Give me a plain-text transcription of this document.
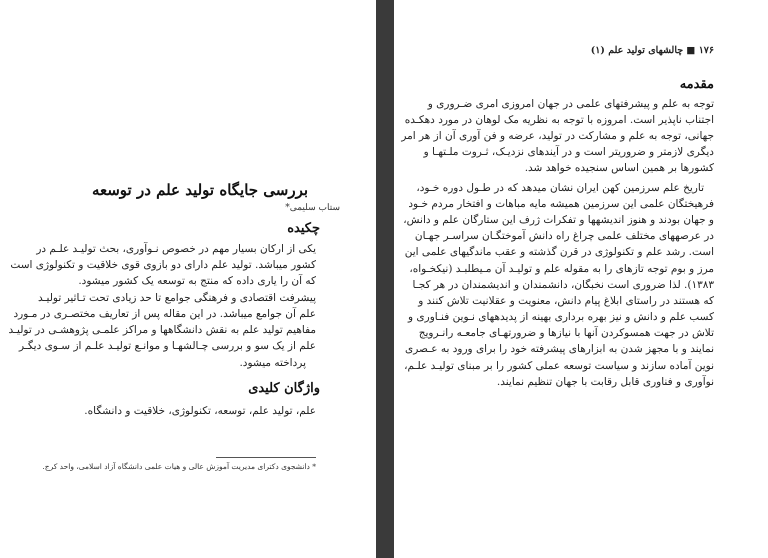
بررسی جایگاه تولید علم در توسعه
ستاب سلیمی*
چکیده
یکی از ارکان بسیار مهم در خصوص نـوآوری، بحث تولیـد علـم در
کشور میباشد. تولید علم دارای دو بازوی قوی خلاقیت و تکنولوژی است
که آن را یاری داده که منتج به توسعه یک کشور میشود.
پیشرفت اقتصادی و فرهنگی جوامع تا حد زیادی تحت تـاثیر تولیـد
علم آن جوامع میباشد. در این مقاله پس از تعاریف مختصـری در مـورد
مفاهیم تولید علم به نقش دانشگاهها و مراکز علمـی پژوهشـی در تولیـد
علم از یک سو و بررسی چـالشهـا و موانـع تولیـد علـم از سـوی دیگـر
پرداخته میشود.
واژگان کلیدی
علم، تولید علم، توسعه، تکنولوژی، خلاقیت و دانشگاه.
* دانشجوی دکترای مدیریت آموزش عالی و هیات علمی دانشگاه آزاد اسلامی، واحد کرج.
۱۷۶ ■ چالشهای تولید علم (۱)
مقدمه
توجه به علم و پیشرفتهای علمی در جهان امروزی امری ضـروری و
اجتناب ناپذیر است. امروزه با توجه به نظریه مک لوهان در مورد دهکـده
جهانی، توجه به علم و مشارکت در تولید، عرضه و فن آوری آن از هر امر
دیگری لازمتر و ضروریتر است و در آیندهای نزدیـک، ثـروت ملـتهـا و
کشورها بر همین اساس سنجیده خواهد شد.
تاریخ علم سرزمین کهن ایران نشان میدهد که در طـول دوره خـود،
فرهیختگان علمی این سرزمین همیشه مایه مباهات و افتخار مردم خـود
و جهان بودند و هنوز اندیشهها و تفکرات ژرف این ستارگان علم و دانش،
در عرصههای مختلف علمی چراغ راه دانش آموختگـان سراسـر جهـان
است. رشد علم و تکنولوژی در قرن گذشته و عقب ماندگیهای علمی این
مرز و بوم توجه تازهای را به مقوله علم و تولیـد آن مـیطلبـد (نیکخـواه،
۱۳۸۳). لذا ضروری است نخبگان، دانشمندان و اندیشمندان در هر کجـا
که هستند در راستای ابلاغ پیام دانش، معنویت و عقلانیت تلاش کنند و
کسب علم و دانش و نیز بهره برداری بهینه از پدیدههای نـوین فنـاوری و
تلاش در جهت همسوکردن آنها با نیازها و ضرورتهـای جامعـه رانـرویج
نمایند و با مجهز شدن به ابزارهای پیشرفته خود را برای ورود به عـصری
نوین آماده سازند و سیاست توسعه عملی کشور را بر مبنای تولیـد علـم،
نوآوری و فناوری قابل رقابت با جهان تنظیم نمایند.
